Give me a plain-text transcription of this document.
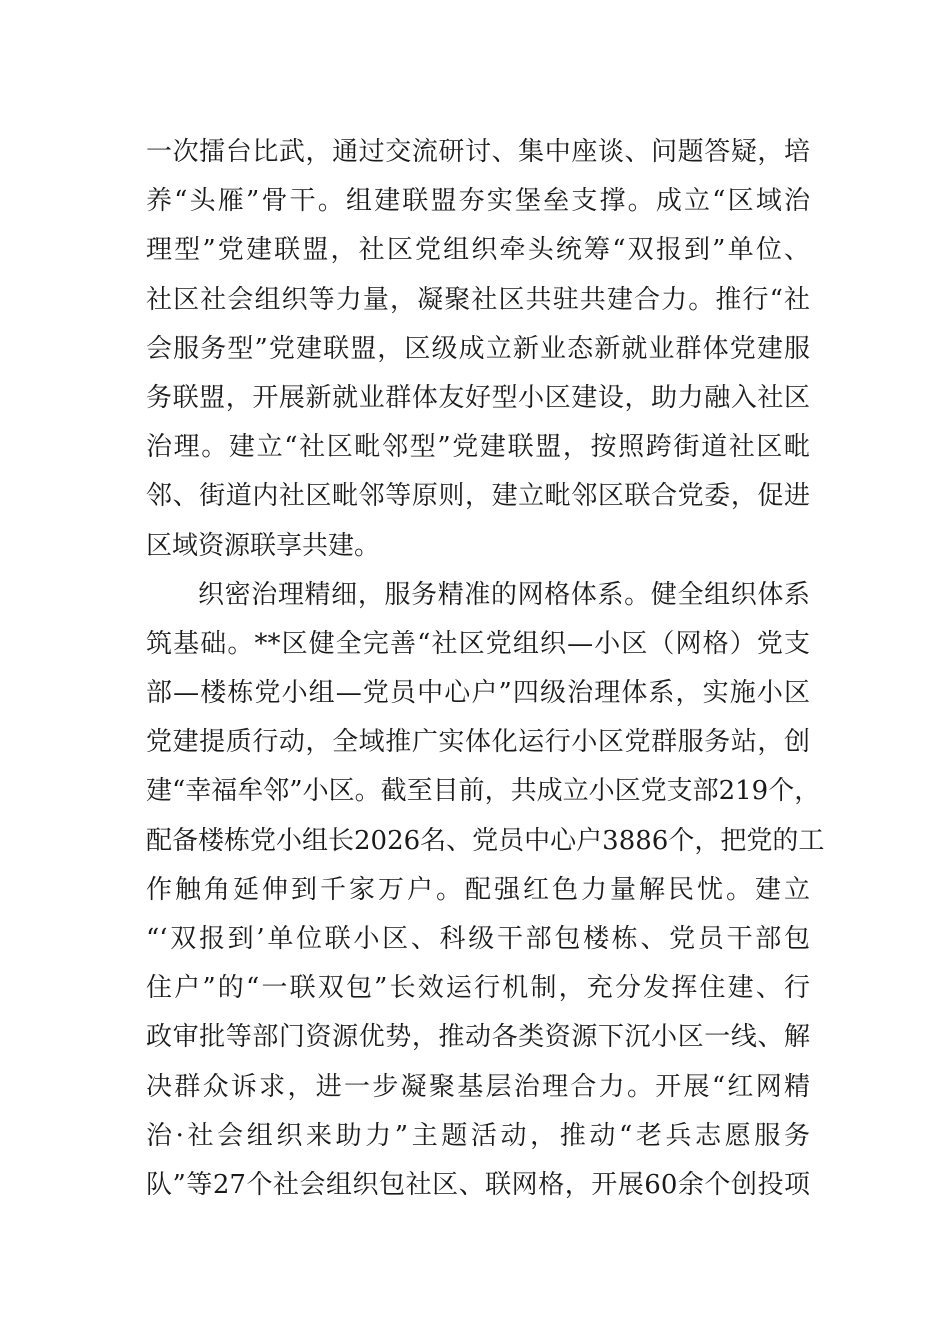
一次擂台比武，通过交流研讨、集中座谈、问题答疑，培
养“头雁”骨干。组建联盟夯实堡垒支撑。成立“区域治
理型”党建联盟，社区党组织牵头统筹“双报到”单位、
社区社会组织等力量，凝聚社区共驻共建合力。推行“社
会服务型”党建联盟，区级成立新业态新就业群体党建服
务联盟，开展新就业群体友好型小区建设，助力融入社区
治理。建立“社区毗邻型”党建联盟，按照跨街道社区毗
邻、街道内社区毗邻等原则，建立毗邻区联合党委，促进
区域资源联享共建。
织密治理精细，服务精准的网格体系。健全组织体系
筑基础。**区健全完善“社区党组织—小区（网格）党支
部—楼栋党小组—党员中心户”四级治理体系，实施小区
党建提质行动，全域推广实体化运行小区党群服务站，创
建“幸福牟邻”小区。截至目前，共成立小区党支部219个，
配备楼栋党小组长2026名、党员中心户3886个，把党的工
作触角延伸到千家万户。配强红色力量解民忧。建立
“‘双报到’单位联小区、科级干部包楼栋、党员干部包
住户”的“一联双包”长效运行机制，充分发挥住建、行
政审批等部门资源优势，推动各类资源下沉小区一线、解
决群众诉求，进一步凝聚基层治理合力。开展“红网精
治·社会组织来助力”主题活动，推动“老兵志愿服务
队”等27个社会组织包社区、联网格，开展60余个创投项
